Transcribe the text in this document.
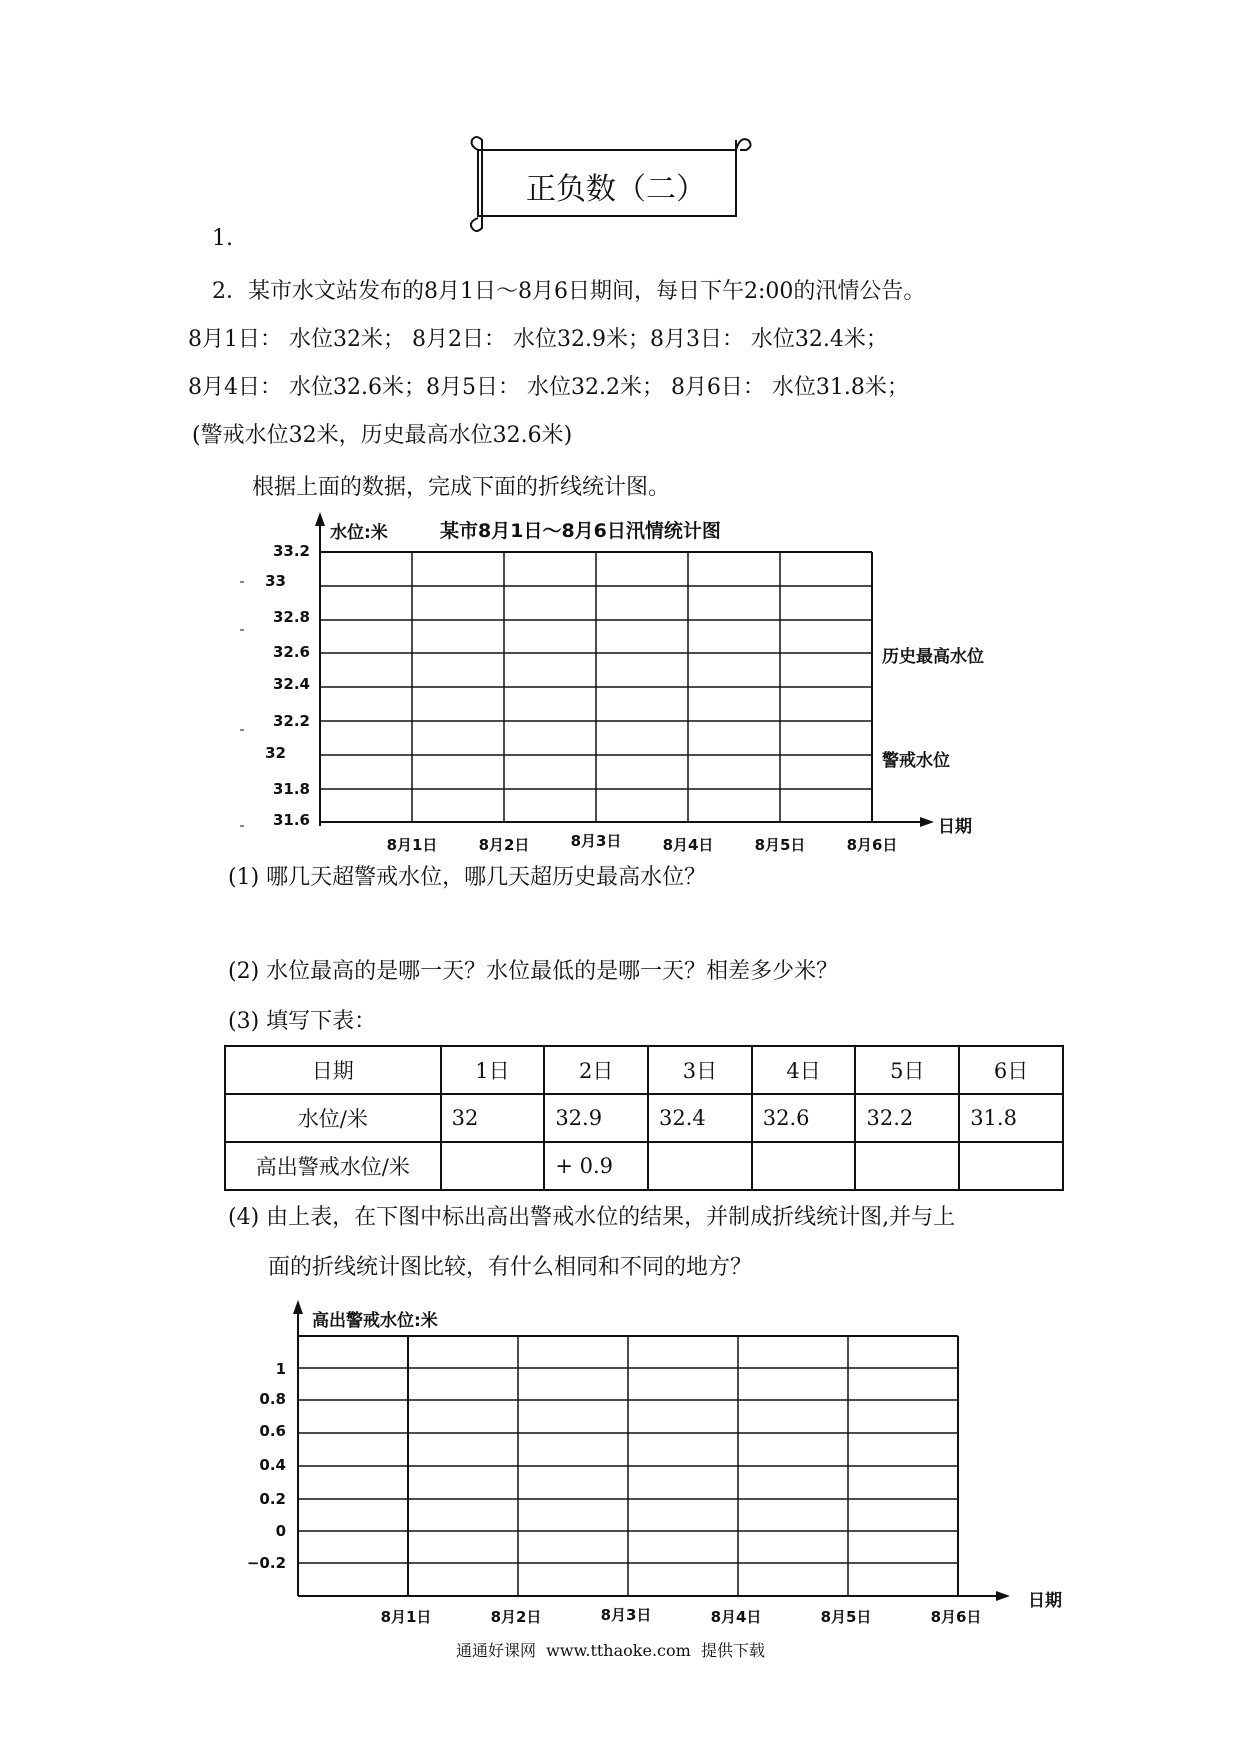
正负数（二）
1.
2．某市水文站发布的8月1日～8月6日期间，每日下午2:00的汛情公告。
8月1日： 水位32米； 8月2日： 水位32.9米；8月3日： 水位32.4米；
8月4日： 水位32.6米；8月5日： 水位32.2米； 8月6日： 水位31.8米；
(警戒水位32米，历史最高水位32.6米)
根据上面的数据，完成下面的折线统计图。
水位:米	某市8月1日～8月6日汛情统计图
33.2
33
32.8
32.6
32.4
32.2
32
31.8
31.6
历史最高水位
警戒水位
日期
8月1日	8月2日	8月3日	8月4日	8月5日	8月6日
(1) 哪几天超警戒水位，哪几天超历史最高水位？
(2) 水位最高的是哪一天？水位最低的是哪一天？相差多少米？
(3) 填写下表：
日期	1日	2日	3日	4日	5日	6日
水位/米	32	32.9	32.4	32.6	32.2	31.8
高出警戒水位/米		+ 0.9				
(4) 由上表，在下图中标出高出警戒水位的结果，并制成折线统计图,并与上
面的折线统计图比较，有什么相同和不同的地方？
高出警戒水位:米
1
0.8
0.6
0.4
0.2
0
−0.2
日期
8月1日	8月2日	8月3日	8月4日	8月5日	8月6日
通通好课网  www.tthaoke.com  提供下载
